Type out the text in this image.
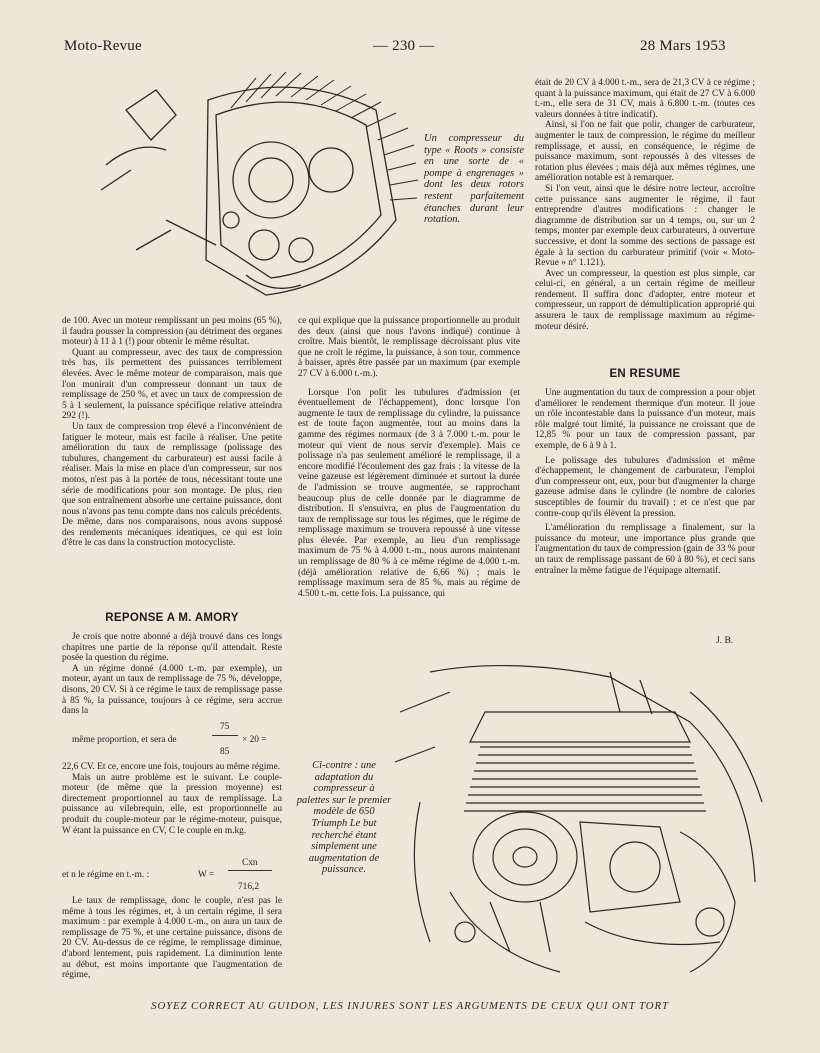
Moto-Revue	— 230 —	28 Mars 1953
Un compresseur du type « Roots » consiste en une sorte de « pompe à engrenages » dont les deux rotors restent parfaitement étanches durant leur rotation.

de 100. Avec un moteur remplissant un peu moins (65 %), il faudra pousser la compression (au détriment des organes moteur) à 11 à 1 (!) pour obtenir le même résultat.

Quant au compresseur, avec des taux de compression très bas, ils permettent des puissances terriblement élevées. Avec le même moteur de comparaison, mais que l'on munirait d'un compresseur donnant un taux de remplissage de 250 %, et avec un taux de compression de 5 à 1 seulement, la puissance spécifique relative atteindra 292 (!).

Un taux de compression trop élevé a l'inconvénient de fatiguer le moteur, mais est facile à réaliser. Une petite amélioration du taux de remplissage (polissage des tubulures, changement du carburateur) est aussi facile à réaliser. Mais la mise en place d'un compresseur, sur nos motos, n'est pas à la portée de tous, nécessitant toute une série de modifications pour son montage. De plus, rien que son entraînement absorbe une certaine puissance, dont nous n'avons pas tenu compte dans nos calculs précédents. De même, dans nos comparaisons, nous avons supposé des rendements mécaniques identiques, ce qui est loin d'être le cas dans la construction motocycliste.

REPONSE A M. AMORY

Je crois que notre abonné a déjà trouvé dans ces longs chapitres une partie de la réponse qu'il attendait. Reste posée la question du régime.

A un régime donné (4.000 t.-m. par exemple), un moteur, ayant un taux de remplissage de 75 %, développe, disons, 20 CV. Si à ce régime le taux de remplissage passe à 85 %, la puissance, toujours à ce régime, sera accrue dans la

même proportion, et sera de
75
85
× 20 =

22,6 CV. Et ce, encore une fois, toujours au même régime.

Mais un autre problème est le suivant. Le couple-moteur (de même que la pression moyenne) est directement proportionnel au taux de remplissage. La puissance au vilebrequin, elle, est proportionnelle au produit du couple-moteur par le régime-moteur, puisque, W étant la puissance en CV, C le couple en m.kg.

et n le régime en t.-m. :	W =
Cxn
716,2

Le taux de remplissage, donc le couple, n'est pas le même à tous les régimes, et, à un certain régime, il sera maximum : par exemple à 4.000 t.-m., on aura un taux de remplissage de 75 %, et une certaine puissance, disons de 20 CV. Au-dessus de ce régime, le remplissage diminue, d'abord lentement, puis rapidement. La diminution lente au début, est moins importante que l'augmentation de régime,

ce qui explique que la puissance proportionnelle au produit des deux (ainsi que nous l'avons indiqué) continue à croître. Mais bientôt, le remplissage décroissant plus vite que ne croît le régime, la puissance, à son tour, commence à baisser, après être passée par un maximum (par exemple 27 CV à 6.000 t.-m.).

Lorsque l'on polit les tubulures d'admission (et éventuellement de l'échappement), donc lorsque l'on augmente le taux de remplissage du cylindre, la puissance est de toute façon augmentée, tout au moins dans la gamme des régimes normaux (de 3 à 7.000 t.-m. pour le moteur qui vient de nous servir d'exemple). Mais ce polissage n'a pas seulement amélioré le remplissage, il a encore modifié l'écoulement des gaz frais : la vitesse de la veine gazeuse est légèrement diminuée et surtout la durée de l'admission se trouve augmentée, se rapprochant beaucoup plus de celle donnée par le diagramme de distribution. Il s'ensuivra, en plus de l'augmentation du taux de remplissage sur tous les régimes, que le régime de remplissage maximum se trouvera repoussé à une vitesse plus élevée. Par exemple, au lieu d'un remplissage maximum de 75 % à 4.000 t.-m., nous aurons maintenant un remplissage de 80 % à ce même régime de 4.000 t.-m. (déjà amélioration relative de 6,66 %) ; mais le remplissage maximum sera de 85 %, mais au régime de 4.500 t.-m. cette fois. La puissance, qui

était de 20 CV à 4.000 t.-m., sera de 21,3 CV à ce régime ; quant à la puissance maximum, qui était de 27 CV à 6.000 t.-m., elle sera de 31 CV, mais à 6.800 t.-m. (toutes ces valeurs données à titre indicatif).

Ainsi, si l'on ne fait que polir, changer de carburateur, augmenter le taux de compression, le régime du meilleur remplissage, et aussi, en conséquence, le régime de puissance maximum, sont repoussés à des vitesses de rotation plus élevées ; mais déjà aux mêmes régimes, une amélioration notable est à remarquer.

Si l'on veut, ainsi que le désire notre lecteur, accroître cette puissance sans augmenter le régime, il faut entreprendre d'autres modifications : changer le diagramme de distribution sur un 4 temps, ou, sur un 2 temps, monter par exemple deux carburateurs, à ouverture successive, et dont la somme des sections de passage est égale à la section du carburateur primitif (voir « Moto-Revue » n° 1.121).

Avec un compresseur, la question est plus simple, car celui-ci, en général, a un certain régime de meilleur rendement. Il suffira donc d'adopter, entre moteur et compresseur, un rapport de démultiplication approprié qui assurera le taux de remplissage maximum au régime-moteur désiré.

EN RESUME

Une augmentation du taux de compression a pour objet d'améliorer le rendement thermique d'un moteur. Il joue un rôle incontestable dans la puissance d'un moteur, mais rôle malgré tout limité, la puissance ne croissant que de 12,85 % pour un taux de compression passant, par exemple, de 6 à 9 à 1.

Le polissage des tubulures d'admission et même d'échappement, le changement de carburateur, l'emploi d'un compresseur ont, eux, pour but d'augmenter la charge gazeuse admise dans le cylindre (le nombre de calories susceptibles de fournir du travail) ; et ce n'est que par contre-coup qu'ils élèvent la pression.

L'amélioration du remplissage a finalement, sur la puissance du moteur, une importance plus grande que l'augmentation du taux de compression (gain de 33 % pour un taux de remplissage passant de 60 à 80 %), et ceci sans entraîner la même fatigue de l'équipage alternatif.

J. B.
Ci-contre : une adaptation du compresseur à palettes sur le premier modèle de 650 Triumph Le but recherché étant simplement une augmentation de puissance.
SOYEZ CORRECT AU GUIDON, LES INJURES SONT LES ARGUMENTS DE CEUX QUI ONT TORT
